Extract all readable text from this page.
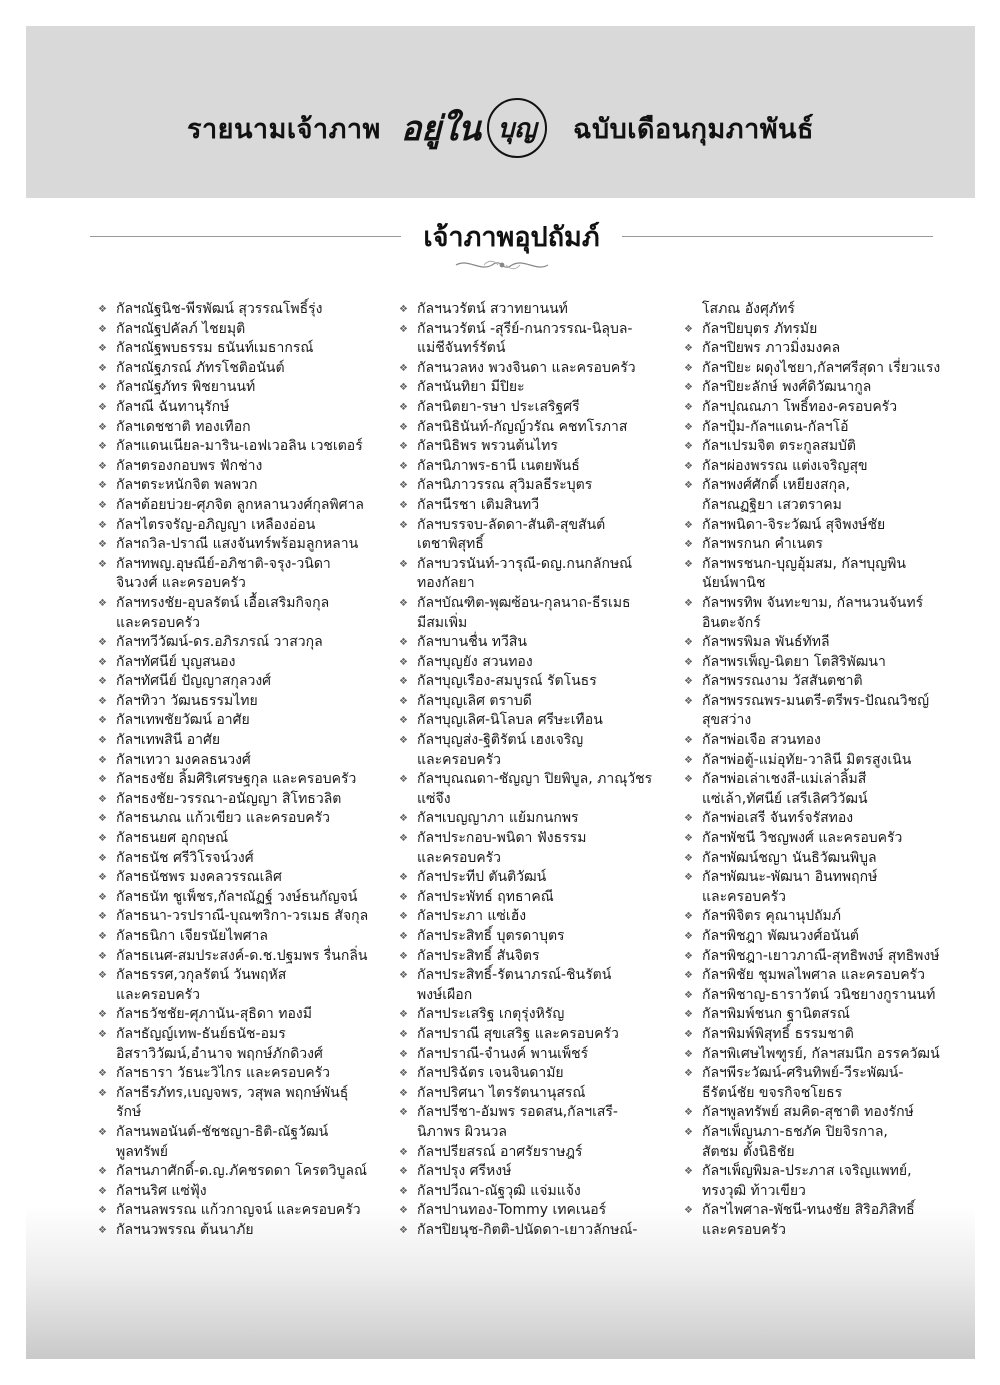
รายนามเจ้าภาพ อยู่ใน บุญ	ฉบับเดือนกุมภาพันธ์
เจ้าภาพอุปถัมภ์
❖ กัลฯณัฐนิช-พีรพัฒน์ สุวรรณโพธิ์รุ่ง
❖ กัลฯณัฐปคัลภ์ ไชยมุติ
❖ กัลฯณัฐพบธรรม ธนันท์เมธากรณ์
❖ กัลฯณัฐภรณ์ ภัทรโชติอนันต์
❖ กัลฯณัฐภัทร พิชยานนท์
❖ กัลฯณี ฉันทานุรักษ์
❖ กัลฯเดชชาติ ทองเทือก
❖ กัลฯแดนเนียล-มาริน-เอฟเวอลิน เวชเตอร์
❖ กัลฯตรองกอบพร ฟักช่าง
❖ กัลฯตระหนักจิต พลพวก
❖ กัลฯต้อยบ่วย-ศุภจิต ลูกหลานวงศ์กุลพิศาล
❖ กัลฯไตรจรัญ-อภิญญา เหลืองอ่อน
❖ กัลฯถวิล-ปราณี แสงจันทร์พร้อมลูกหลาน
❖ กัลฯทพญ.อุษณีย์-อภิชาติ-จรุง-วนิดา
จินวงศ์ และครอบครัว
❖ กัลฯทรงชัย-อุบลรัตน์ เอื้อเสริมกิจกุล
และครอบครัว
❖ กัลฯทวีวัฒน์-ดร.อภิรภรณ์ วาสวกุล
❖ กัลฯทัศนีย์ บุญสนอง
❖ กัลฯทัศนีย์ ปัญญาสกุลวงศ์
❖ กัลฯทิวา วัฒนธรรมไทย
❖ กัลฯเทพชัยวัฒน์ อาศัย
❖ กัลฯเทพสินี อาศัย
❖ กัลฯเทวา มงคลธนวงศ์
❖ กัลฯธงชัย ลิ้มศิริเศรษฐกุล และครอบครัว
❖ กัลฯธงชัย-วรรณา-อนัญญา สิโทธวลิต
❖ กัลฯธนภณ แก้วเขียว และครอบครัว
❖ กัลฯธนยศ อุกฤษณ์
❖ กัลฯธนัช ศรีวิโรจน์วงศ์
❖ กัลฯธนัชพร มงคลวรรณเลิศ
❖ กัลฯธนัท ชูเพ็ชร,กัลฯณัฏฐ์ วงษ์ธนกัญจน์
❖ กัลฯธนา-วรปราณี-บุณฑริกา-วรเมธ สัจกุล
❖ กัลฯธนิกา เจียรนัยไพศาล
❖ กัลฯธเนศ-สมประสงค์-ด.ช.ปฐมพร รื่นกลิ่น
❖ กัลฯธรรศ,วกุลรัตน์ วันพฤหัส
และครอบครัว
❖ กัลฯธวัชชัย-ศุภานัน-สุธิดา ทองมี
❖ กัลฯธัญญ์เทพ-ธันย์ธนัช-อมร
อิสราวิวัฒน์,อำนาจ พฤกษ์ภักดิวงศ์
❖ กัลฯธารา วัธนะวิไกร และครอบครัว
❖ กัลฯธีรภัทร,เบญจพร, วสุพล พฤกษ์พันธุ์
รักษ์
❖ กัลฯนพอนันต์-ชัชชญา-ธิติ-ณัฐวัฒน์
พูลทรัพย์
❖ กัลฯนภาศักดิ์-ด.ญ.ภัคชรดดา โครตวิบูลณ์
❖ กัลฯนริศ แซ่ฟุ้ง
❖ กัลฯนลพรรณ แก้วกาญจน์ และครอบครัว
❖ กัลฯนวพรรณ ต้นนาภัย
❖ กัลฯนวรัตน์ สวาทยานนท์
❖ กัลฯนวรัตน์ -สุรีย์-กนกวรรณ-นิลุบล-
แม่ชีจันทร์รัตน์
❖ กัลฯนวลหง พวงจินดา และครอบครัว
❖ กัลฯนันทิยา มีปิยะ
❖ กัลฯนิตยา-รษา ประเสริฐศรี
❖ กัลฯนิธินันท์-กัญญ์วรัณ คชทโรภาส
❖ กัลฯนิธิพร พรวนต้นไทร
❖ กัลฯนิภาพร-ธานี เนตยพันธ์
❖ กัลฯนิภาวรรณ สุวิมลธีระบุตร
❖ กัลฯนีรชา เติมสินทวี
❖ กัลฯบรรจบ-ลัดดา-สันติ-สุขสันต์
เตชาพิสุทธิ์
❖ กัลฯบวรนันท์-วารุณี-ดญ.กนกลักษณ์
ทองกัลยา
❖ กัลฯบัณฑิต-พุฒซ้อน-กุลนาถ-ธีรเมธ
มีสมเพิ่ม
❖ กัลฯบานชื่น ทวีสิน
❖ กัลฯบุญยัง สวนทอง
❖ กัลฯบุญเรือง-สมบูรณ์ รัตโนธร
❖ กัลฯบุญเลิศ ตราบดี
❖ กัลฯบุญเลิศ-นิโลบล ศรีษะเทือน
❖ กัลฯบุญส่ง-ฐิติรัตน์ เฮงเจริญ
และครอบครัว
❖ กัลฯบุณณดา-ชัญญา ปิยพิบูล, ภาณุวัชร
แซ่จึง
❖ กัลฯเบญญาภา แย้มกนกพร
❖ กัลฯประกอบ-พนิดา ฟังธรรม
และครอบครัว
❖ กัลฯประทีป ตันติวัฒน์
❖ กัลฯประพัทธ์ ฤทธาคณี
❖ กัลฯประภา แซ่เฮ้ง
❖ กัลฯประสิทธิ์ บุตรดาบุตร
❖ กัลฯประสิทธิ์ สันจิตร
❖ กัลฯประสิทธิ์-รัตนาภรณ์-ชินรัตน์
พงษ์เผือก
❖ กัลฯประเสริฐ เกตุรุ่งหิรัญ
❖ กัลฯปราณี สุขเสริฐ และครอบครัว
❖ กัลฯปราณี-จำนงค์ พานเพ็ชร์
❖ กัลฯปริฉัตร เจนจินดามัย
❖ กัลฯปริศนา ไตรรัตนานุสรณ์
❖ กัลฯปรีชา-อัมพร รอดสน,กัลฯเสรี-
นิภาพร ผิวนวล
❖ กัลฯปรียสรณ์ อาศรัยราษฎร์
❖ กัลฯปรุง ศรีหงษ์
❖ กัลฯปวีณา-ณัฐวุฒิ แจ่มแจ้ง
❖ กัลฯปานทอง-Tommy เทคเนอร์
❖ กัลฯปิยนุช-กิตติ-ปนัดดา-เยาวลักษณ์-
โสภณ อังศุภัทร์
❖ กัลฯปิยบุตร ภัทรมัย
❖ กัลฯปิยพร ภาวมิ่งมงคล
❖ กัลฯปิยะ ผดุงไชยา,กัลฯศรีสุดา เรี่ยวแรง
❖ กัลฯปิยะลักษ์ พงศ์ดิวัฒนากูล
❖ กัลฯปุณณภา โพธิ์ทอง-ครอบครัว
❖ กัลฯปุ้ม-กัลฯแดน-กัลฯโอ้
❖ กัลฯเปรมจิต ตระกูลสมบัติ
❖ กัลฯผ่องพรรณ แต่งเจริญสุข
❖ กัลฯพงศ์ศักดิ์ เหยียงสกุล,
กัลฯณฏฐิยา เสวตราคม
❖ กัลฯพนิดา-จิระวัฒน์ สุจิพงษ์ชัย
❖ กัลฯพรกนก คำเนตร
❖ กัลฯพรชนก-บุญอุ้มสม, กัลฯบุญพิน
นัยน์พานิช
❖ กัลฯพรทิพ จันทะขาม, กัลฯนวนจันทร์
อินตะจักร์
❖ กัลฯพรพิมล พันธ์ทัทลี
❖ กัลฯพรเพ็ญ-นิตยา โตสิริพัฒนา
❖ กัลฯพรรณงาม วัสสันตชาติ
❖ กัลฯพรรณพร-มนตรี-ตรีพร-ปัณณวิชญ์
สุขสว่าง
❖ กัลฯพ่อเจือ สวนทอง
❖ กัลฯพ่อตู้-แม่อุทัย-วาลินี มิตรสูงเนิน
❖ กัลฯพ่อเล่าเชงสี-แม่เล่าลิ้มสี
แซ่เล้า,ทัศนีย์ เสรีเลิศวิวัฒน์
❖ กัลฯพ่อเสรี จันทร์จรัสทอง
❖ กัลฯพัชนี วิชญพงศ์ และครอบครัว
❖ กัลฯพัฒน์ชญา นันธิวัฒนพิบูล
❖ กัลฯพัฒนะ-พัฒนา อินทพฤกษ์
และครอบครัว
❖ กัลฯพิจิตร คุณานุปถัมภ์
❖ กัลฯพิชฎา พัฒนวงศ์อนันต์
❖ กัลฯพิชฎา-เยาวภาณี-สุทธิพงษ์ สุทธิพงษ์
❖ กัลฯพิชัย ชุมพลไพศาล และครอบครัว
❖ กัลฯพิชาญ-ธาราวัตน์ วนิชยางกูรานนท์
❖ กัลฯพิมพ์ชนก ฐานิตสรณ์
❖ กัลฯพิมพ์พิสุทธิ์ ธรรมชาติ
❖ กัลฯพิเศษไพฑูรย์, กัลฯสมนึก อรรควัฒน์
❖ กัลฯพีระวัฒน์-ศรินทิพย์-วีระพัฒน์-
ธีรัตน์ชัย ขจรกิจชโยธร
❖ กัลฯพูลทรัพย์ สมคิด-สุชาติ ทองรักษ์
❖ กัลฯเพ็ญนภา-ธชภัค ปิยจิรกาล,
สัตชม ตั้งนิธิชัย
❖ กัลฯเพ็ญพิมล-ประภาส เจริญแพทย์,
ทรงวุฒิ ท้าวเขียว
❖ กัลฯไพศาล-พัชนี-ทนงชัย สิริอภิสิทธิ์
และครอบครัว
